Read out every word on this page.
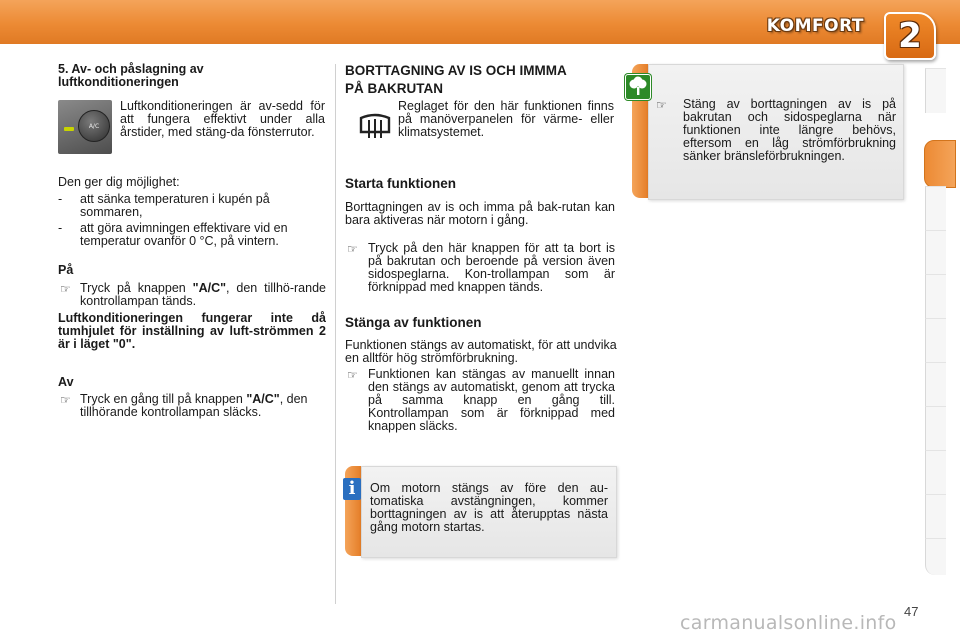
KOMFORT 2

5. Av- och påslagning av luftkonditioneringen

A/C

Luftkonditioneringen är av-sedd för att fungera effektivt under alla årstider, med stäng-da fönsterrutor.

Den ger dig möjlighet:

- att sänka temperaturen i kupén på sommaren,

- att göra avimningen effektivare vid en temperatur ovanför 0 °C, på vintern.

På

☞ Tryck på knappen "A/C", den tillhö-rande kontrollampan tänds.

Luftkonditioneringen fungerar inte då tumhjulet för inställning av luft-strömmen 2 är i läget "0".

Av

☞ Tryck en gång till på knappen "A/C", den tillhörande kontrollampan släcks.

BORTTAGNING AV IS OCH IMMMA PÅ BAKRUTAN

Reglaget för den här funktionen finns på manöverpanelen för värme- eller klimatsystemet.

Starta funktionen

Borttagningen av is och imma på bak-rutan kan bara aktiveras när motorn i gång.

☞ Tryck på den här knappen för att ta bort is på bakrutan och beroende på version även sidospeglarna. Kon-trollampan som är förknippad med knappen tänds.

Stänga av funktionen

Funktionen stängs av automatiskt, för att undvika en alltför hög strömförbrukning.

☞ Funktionen kan stängas av manuellt innan den stängs av automatiskt, genom att trycka på samma knapp en gång till. Kontrollampan som är förknippad med knappen släcks.

i	Om motorn stängs av före den au-tomatiska avstängningen, kommer borttagningen av is att återupptas nästa gång motorn startas.

☞ Stäng av borttagningen av is på bakrutan och sidospeglarna när funktionen inte längre behövs, eftersom en låg strömförbrukning sänker bränsleförbrukningen.

47
carmanualsonline.info
